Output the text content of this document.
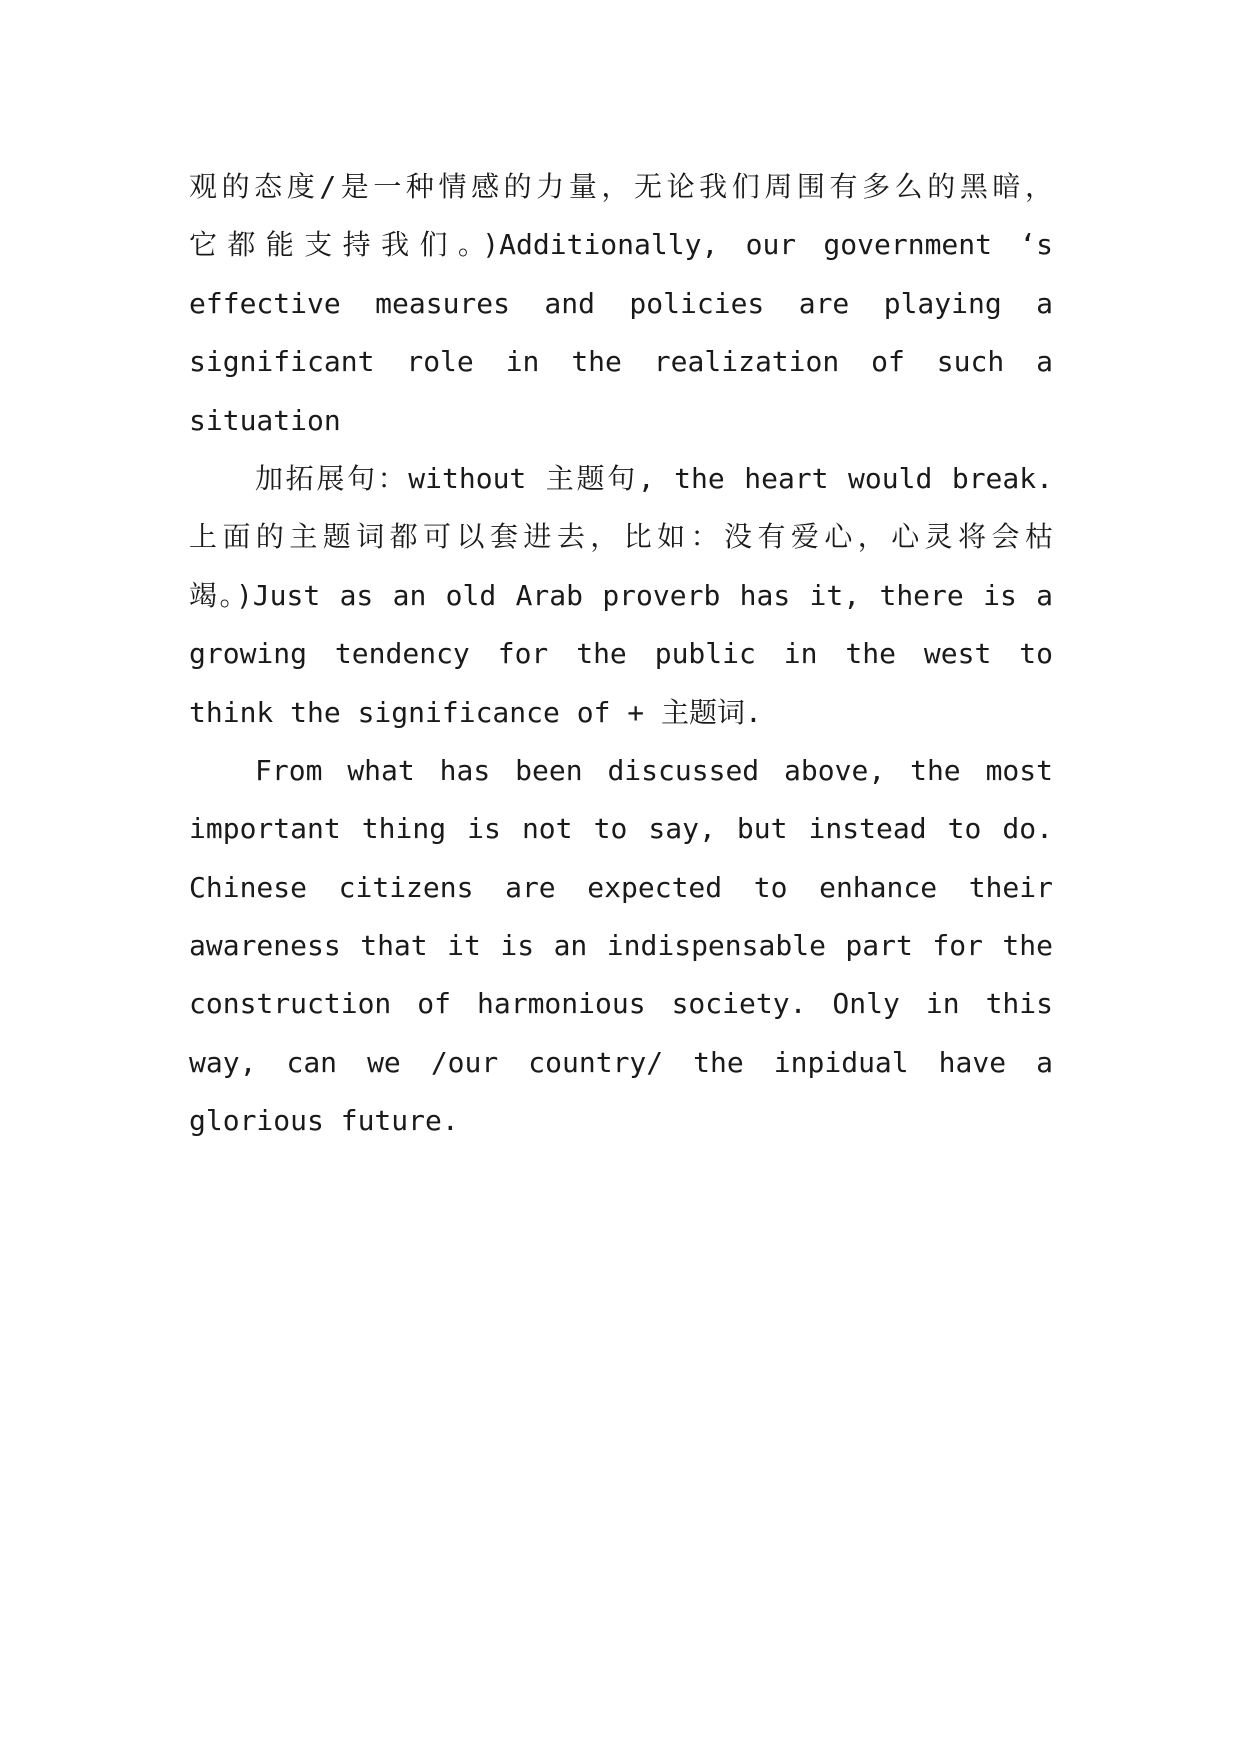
观的态度/是一种情感的力量，无论我们周围有多么的黑暗，
它都能支持我们。)Additionally, our government ‘s
effective measures and policies are playing a
significant role in the realization of such a
situation
加拓展句：without 主题句, the heart would break.
上面的主题词都可以套进去，比如：没有爱心，心灵将会枯
竭。)Just as an old Arab proverb has it, there is a
growing tendency for the public in the west to
think the significance of + 主题词.
From what has been discussed above, the most
important thing is not to say, but instead to do.
Chinese citizens are expected to enhance their
awareness that it is an indispensable part for the
construction of harmonious society. Only in this
way, can we /our country/ the inpidual have a
glorious future.
